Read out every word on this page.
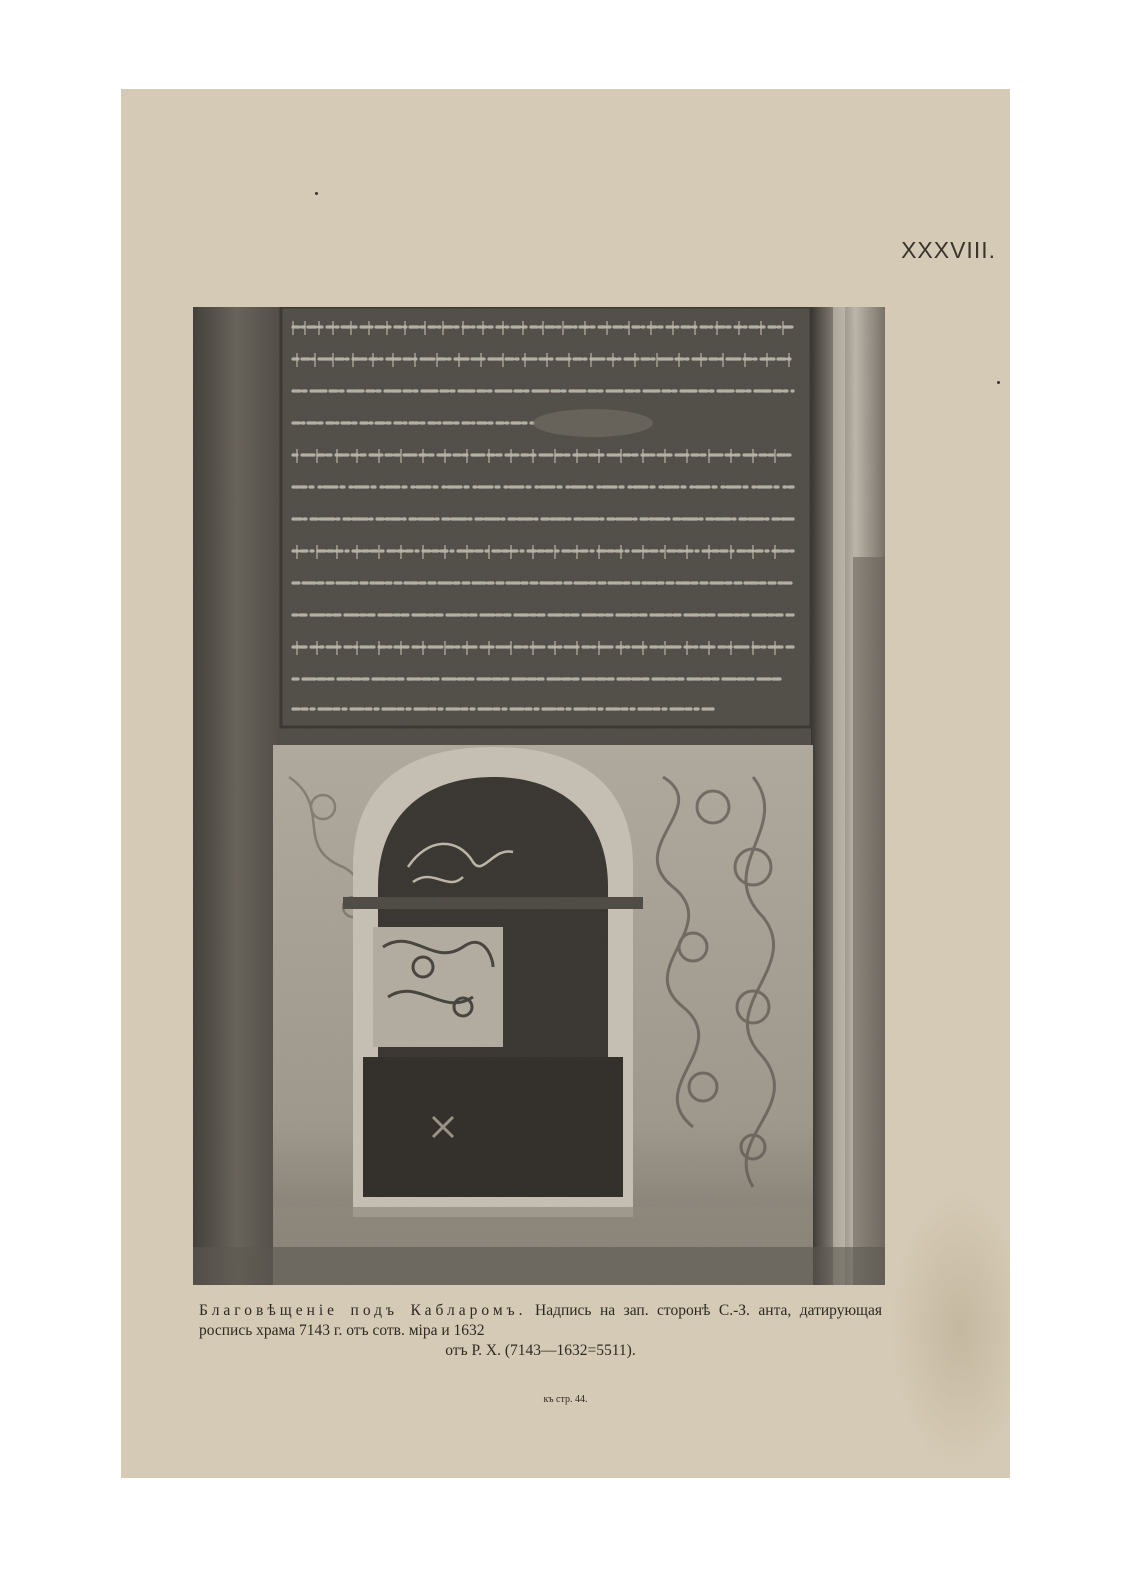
XXXVIII.
Благовѣщеніе подъ Кабларомъ. Надпись на зап. сторонѣ С.-З. анта, датирующая роспись храма 7143 г. отъ сотв. міра и 1632
отъ Р. Х. (7143—1632=5511).
къ стр. 44.
